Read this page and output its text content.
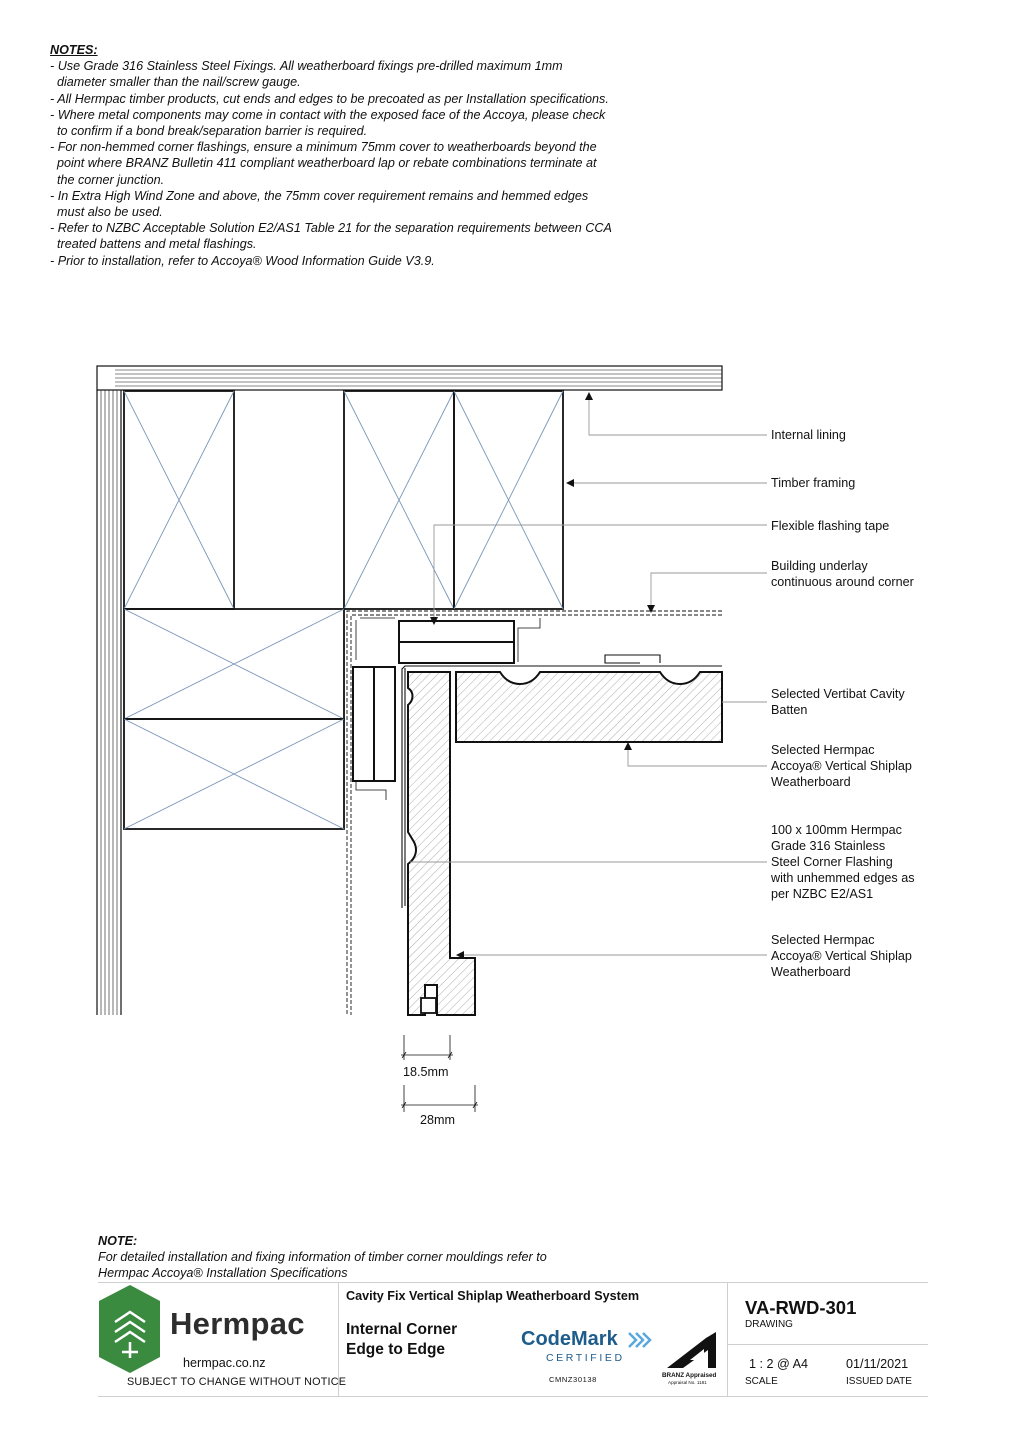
NOTES:
- Use Grade 316 Stainless Steel Fixings. All weatherboard fixings pre-drilled maximum 1mm
diameter smaller than the nail/screw gauge.
- All Hermpac timber products, cut ends and edges to be precoated as per Installation specifications.
- Where metal components may come in contact with the exposed face of the Accoya, please check
to confirm if a bond break/separation barrier is required.
- For non-hemmed corner flashings, ensure a minimum 75mm cover to weatherboards beyond the
point where BRANZ Bulletin 411 compliant weatherboard lap or rebate combinations terminate at
the corner junction.
- In Extra High Wind Zone and above, the 75mm cover requirement remains and hemmed edges
must also be used.
- Refer to NZBC Acceptable Solution E2/AS1 Table 21 for the separation requirements between CCA
treated battens and metal flashings.
- Prior to installation, refer to Accoya® Wood Information Guide V3.9.
Internal lining
Timber framing
Flexible flashing tape
Building underlay
continuous around corner
Selected Vertibat Cavity
Batten
Selected Hermpac
Accoya® Vertical Shiplap
Weatherboard
100 x 100mm Hermpac
Grade 316 Stainless
Steel Corner Flashing
with unhemmed edges as
per NZBC E2/AS1
Selected Hermpac
Accoya® Vertical Shiplap
Weatherboard
18.5mm
28mm
NOTE:
For detailed installation and fixing information of timber corner mouldings refer to
Hermpac Accoya® Installation Specifications
Hermpac
hermpac.co.nz
SUBJECT TO CHANGE WITHOUT NOTICE
Cavity Fix Vertical Shiplap Weatherboard System
Internal Corner
Edge to Edge	CodeMark
CERTIFIED
CMNZ30138	BRANZ Appraised
Appraisal No. 1181
VA-RWD-301
DRAWING
1 : 2 @ A4
SCALE
01/11/2021
ISSUED DATE
